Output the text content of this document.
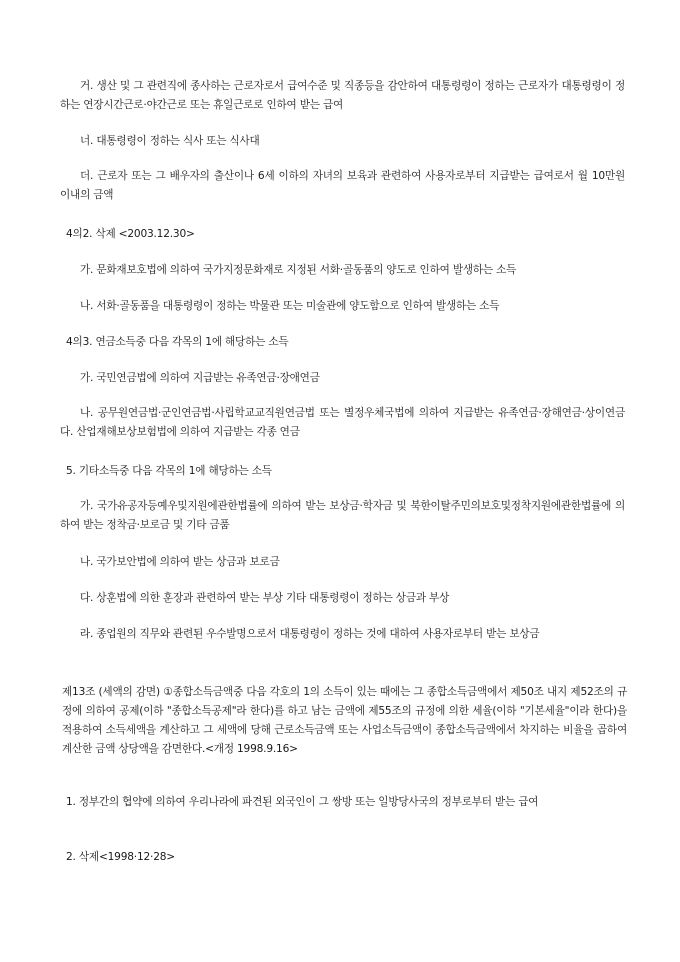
거. 생산 및 그 관련직에 종사하는 근로자로서 급여수준 및 직종등을 감안하여 대통령령이 정하는 근로자가 대통령령이 정하는 연장시간근로·야간근로 또는 휴일근로로 인하여 받는 급여

너. 대통령령이 정하는 식사 또는 식사대

더. 근로자 또는 그 배우자의 출산이나 6세 이하의 자녀의 보육과 관련하여 사용자로부터 지급받는 급여로서 월 10만원 이내의 금액

4의2. 삭제 <2003.12.30>

가. 문화재보호법에 의하여 국가지정문화재로 지정된 서화·골동품의 양도로 인하여 발생하는 소득

나. 서화·골동품을 대통령령이 정하는 박물관 또는 미술관에 양도함으로 인하여 발생하는 소득

4의3. 연금소득중 다음 각목의 1에 해당하는 소득

가. 국민연금법에 의하여 지급받는 유족연금·장애연금

나. 공무원연금법·군인연금법·사립학교교직원연금법 또는 별정우체국법에 의하여 지급받는 유족연금·장해연금·상이연금 다. 산업재해보상보험법에 의하여 지급받는 각종 연금

5. 기타소득중 다음 각목의 1에 해당하는 소득

가. 국가유공자등예우및지원에관한법률에 의하여 받는 보상금·학자금 및 북한이탈주민의보호및정착지원에관한법률에 의하여 받는 정착금·보로금 및 기타 금품

나. 국가보안법에 의하여 받는 상금과 보로금

다. 상훈법에 의한 훈장과 관련하여 받는 부상 기타 대통령령이 정하는 상금과 부상

라. 종업원의 직무와 관련된 우수발명으로서 대통령령이 정하는 것에 대하여 사용자로부터 받는 보상금

제13조 (세액의 감면) ①종합소득금액중 다음 각호의 1의 소득이 있는 때에는 그 종합소득금액에서 제50조 내지 제52조의 규정에 의하여 공제(이하 "종합소득공제"라 한다)를 하고 남는 금액에 제55조의 규정에 의한 세율(이하 "기본세율"이라 한다)을 적용하여 소득세액을 계산하고 그 세액에 당해 근로소득금액 또는 사업소득금액이 종합소득금액에서 차지하는 비율을 곱하여 계산한 금액 상당액을 감면한다.<개정 1998.9.16>

1. 정부간의 협약에 의하여 우리나라에 파견된 외국인이 그 쌍방 또는 일방당사국의 정부로부터 받는 급여

2. 삭제<1998·12·28>
